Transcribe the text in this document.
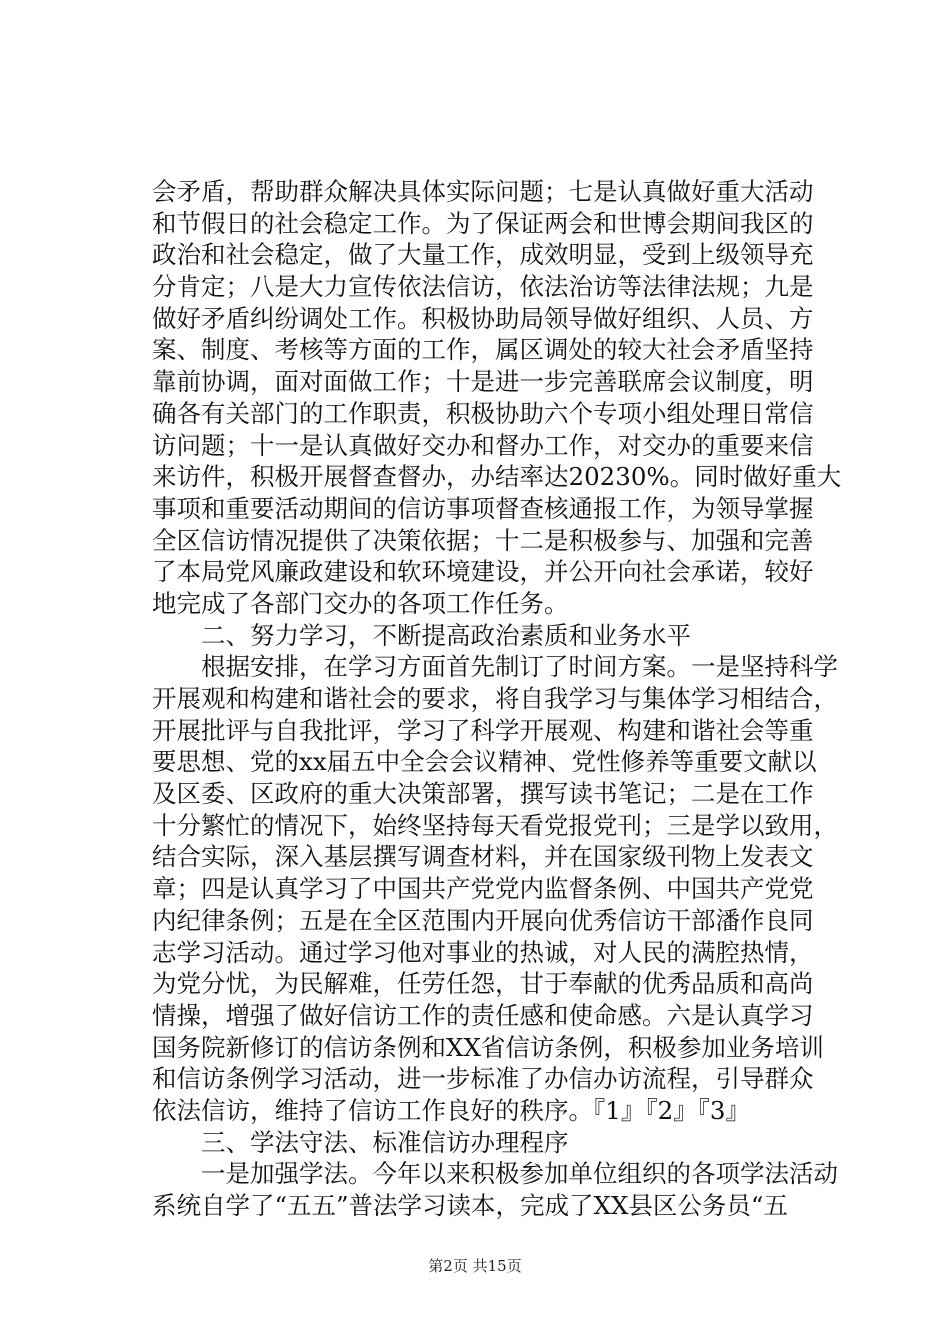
会矛盾，帮助群众解决具体实际问题；七是认真做好重大活动
和节假日的社会稳定工作。为了保证两会和世博会期间我区的
政治和社会稳定，做了大量工作，成效明显，受到上级领导充
分肯定；八是大力宣传依法信访，依法治访等法律法规；九是
做好矛盾纠纷调处工作。积极协助局领导做好组织、人员、方
案、制度、考核等方面的工作，属区调处的较大社会矛盾坚持
靠前协调，面对面做工作；十是进一步完善联席会议制度，明
确各有关部门的工作职责，积极协助六个专项小组处理日常信
访问题；十一是认真做好交办和督办工作，对交办的重要来信
来访件，积极开展督查督办，办结率达20230%。同时做好重大
事项和重要活动期间的信访事项督查核通报工作，为领导掌握
全区信访情况提供了决策依据；十二是积极参与、加强和完善
了本局党风廉政建设和软环境建设，并公开向社会承诺，较好
地完成了各部门交办的各项工作任务。
二、努力学习，不断提高政治素质和业务水平
根据安排，在学习方面首先制订了时间方案。一是坚持科学
开展观和构建和谐社会的要求，将自我学习与集体学习相结合，
开展批评与自我批评，学习了科学开展观、构建和谐社会等重
要思想、党的xx届五中全会会议精神、党性修养等重要文献以
及区委、区政府的重大决策部署，撰写读书笔记；二是在工作
十分繁忙的情况下，始终坚持每天看党报党刊；三是学以致用，
结合实际，深入基层撰写调查材料，并在国家级刊物上发表文
章；四是认真学习了中国共产党党内监督条例、中国共产党党
内纪律条例；五是在全区范围内开展向优秀信访干部潘作良同
志学习活动。通过学习他对事业的热诚，对人民的满腔热情，
为党分忧，为民解难，任劳任怨，甘于奉献的优秀品质和高尚
情操，增强了做好信访工作的责任感和使命感。六是认真学习
国务院新修订的信访条例和XX省信访条例，积极参加业务培训
和信访条例学习活动，进一步标准了办信办访流程，引导群众
依法信访，维持了信访工作良好的秩序。『1』『2』『3』
三、学法守法、标准信访办理程序
一是加强学法。今年以来积极参加单位组织的各项学法活动
系统自学了“五五”普法学习读本，完成了XX县区公务员“五
第2页 共15页
